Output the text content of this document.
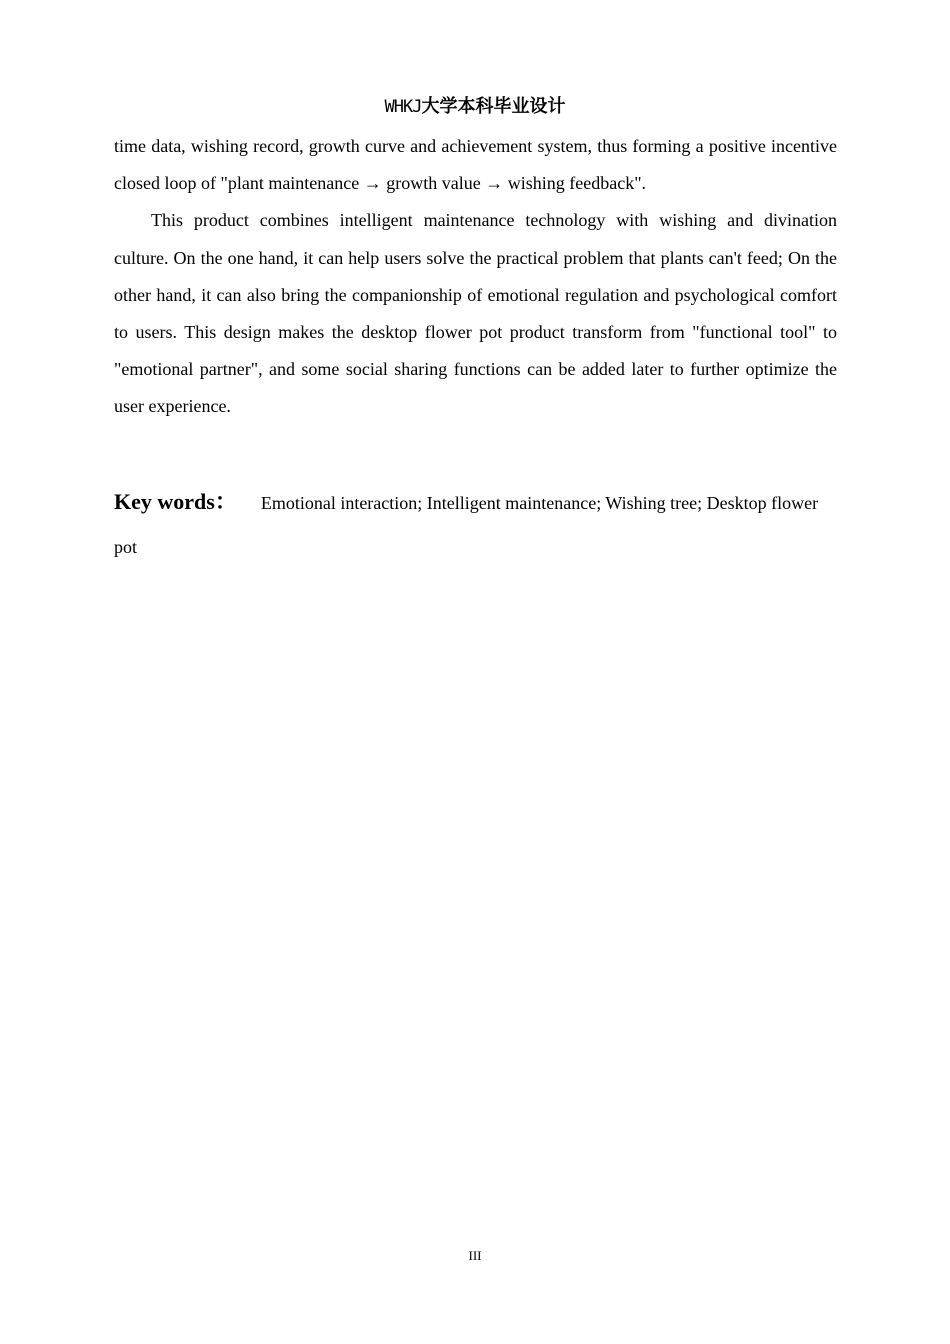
WHKJ大学本科毕业设计

time data, wishing record, growth curve and achievement system, thus forming a positive incentive closed loop of "plant maintenance → growth value → wishing feedback".

This product combines intelligent maintenance technology with wishing and divination culture. On the one hand, it can help users solve the practical problem that plants can't feed; On the other hand, it can also bring the companionship of emotional regulation and psychological comfort to users. This design makes the desktop flower pot product transform from "functional tool" to "emotional partner", and some social sharing functions can be added later to further optimize the user experience.

Key words： Emotional interaction; Intelligent maintenance; Wishing tree; Desktop flower pot
III
